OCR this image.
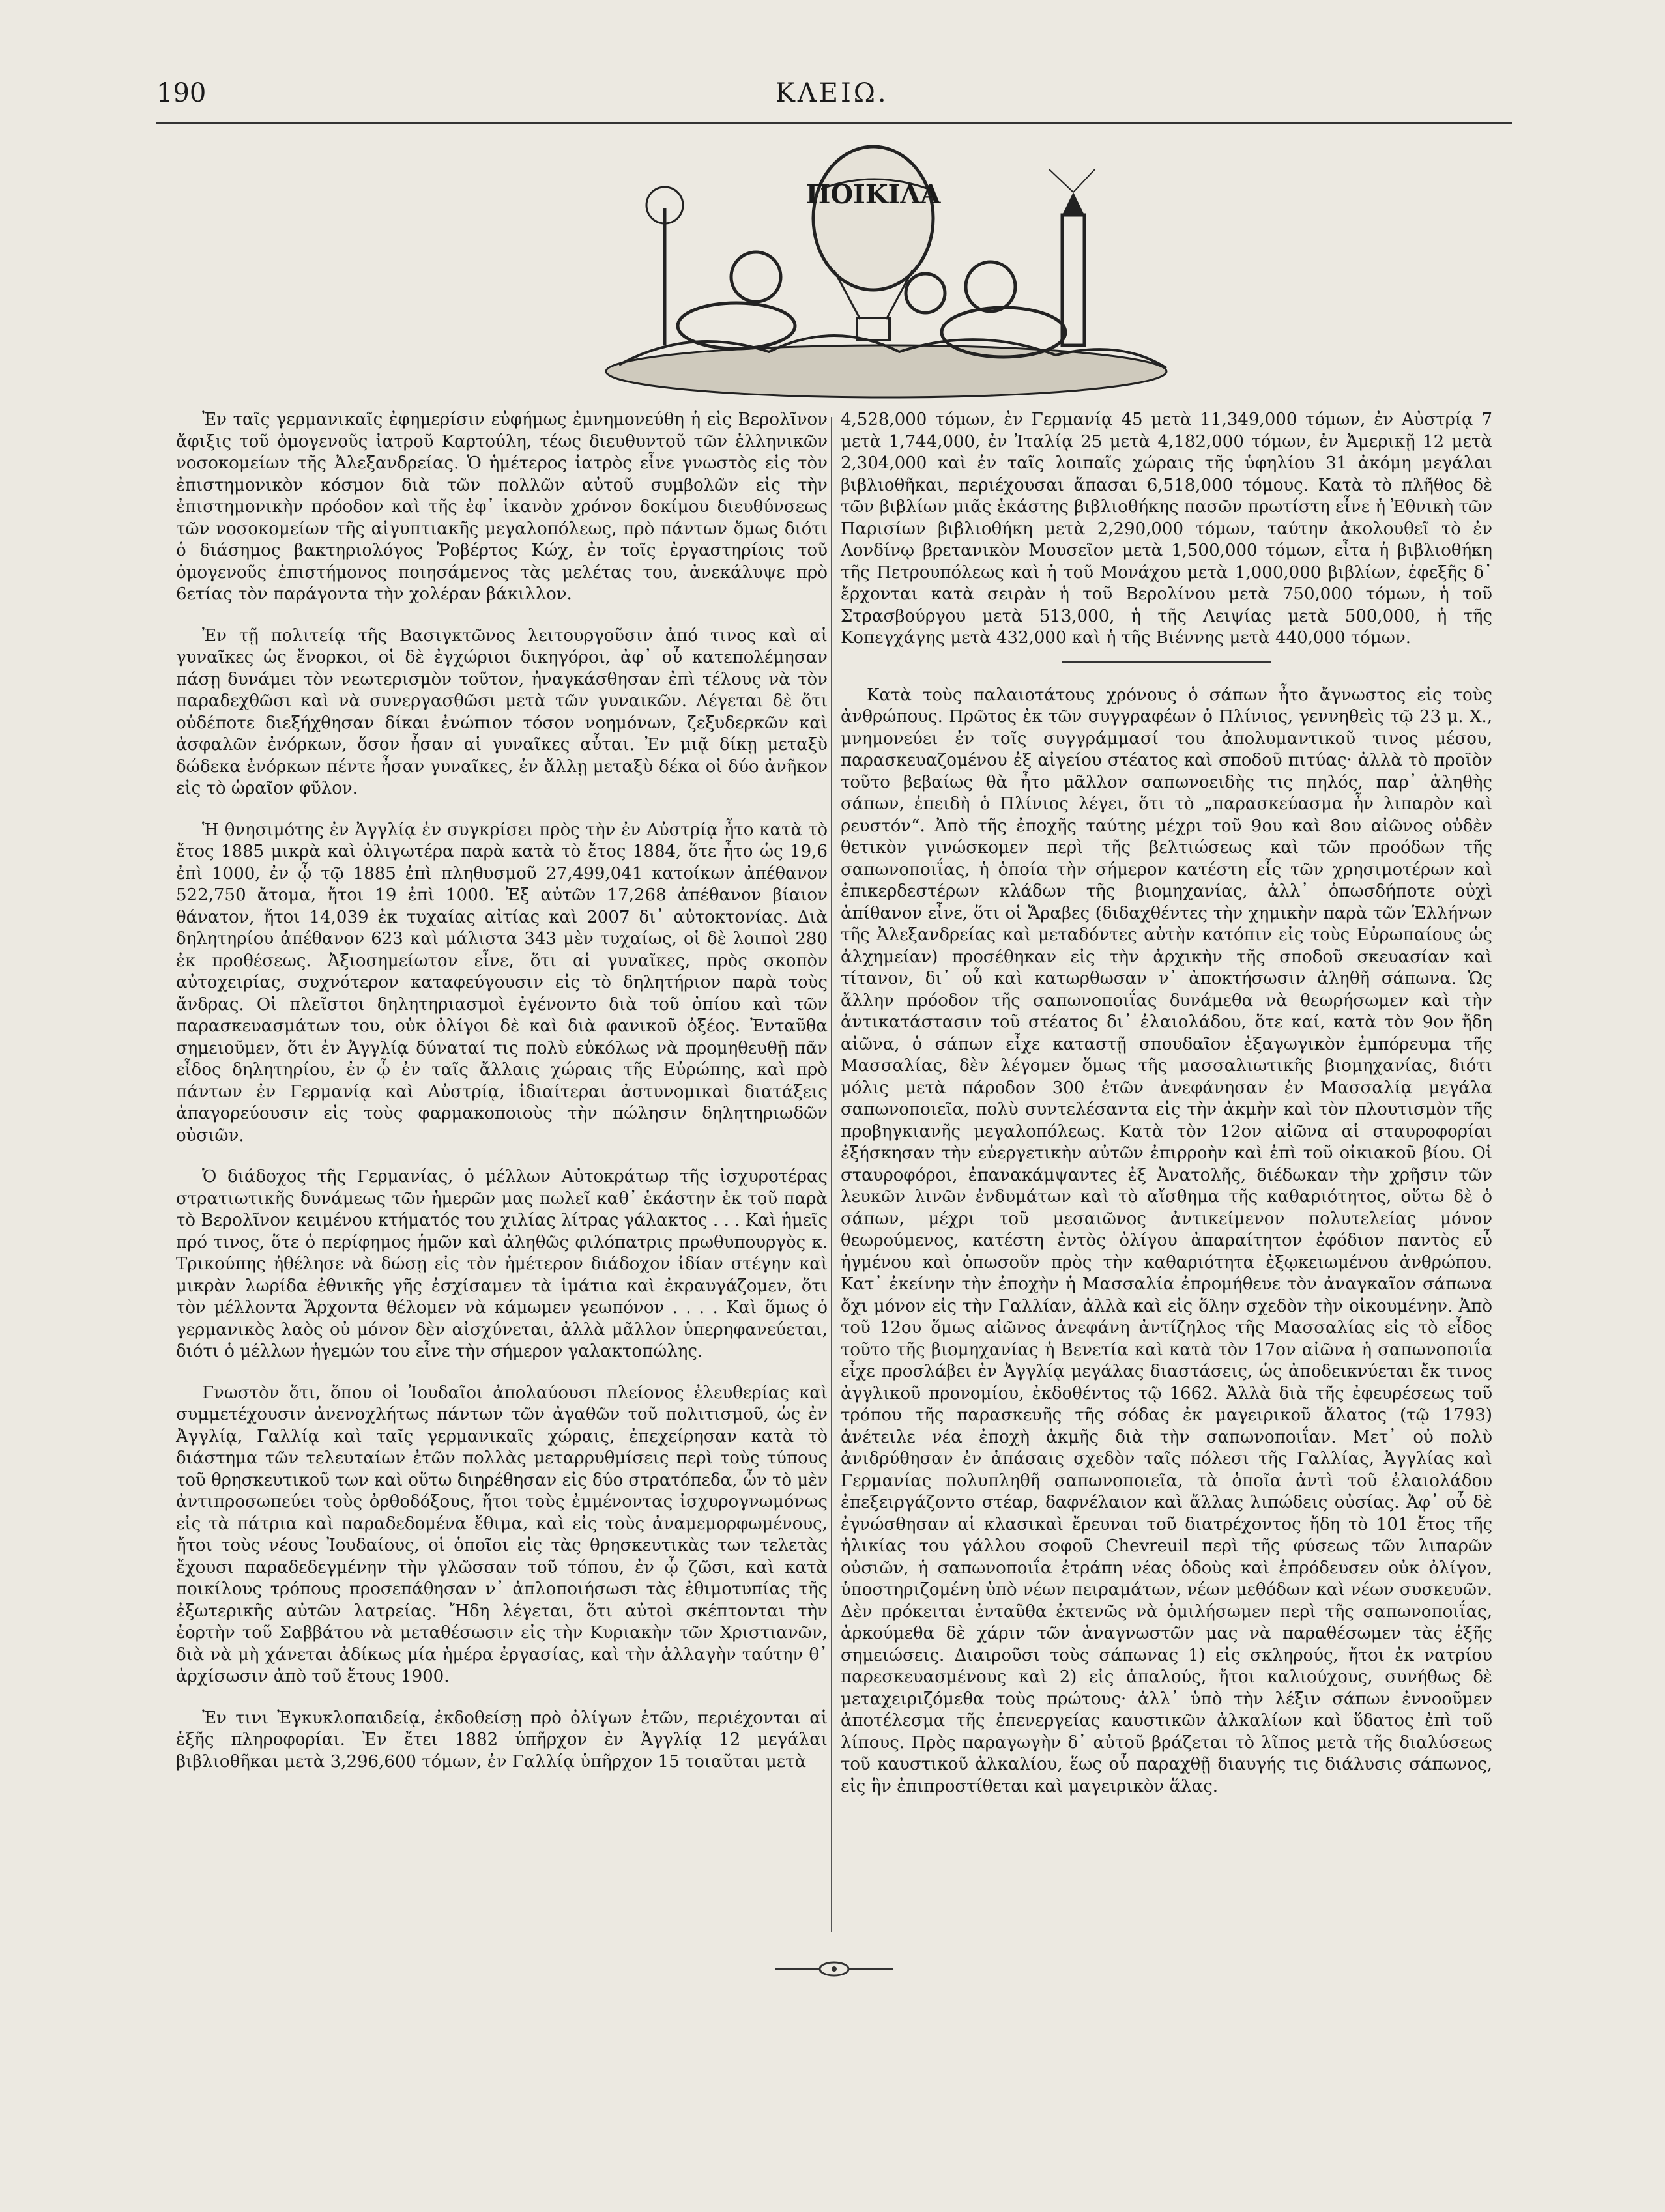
190	ΚΛΕΙΩ.
ΠΟΙΚΙΛΑ

Ἐν ταῖς γερμανικαῖς ἐφημερίσιν εὐφήμως ἐμνημονεύθη ἡ εἰς Βερολῖνον ἄφιξις τοῦ ὁμογενοῦς ἰατροῦ Καρτούλη, τέως διευθυντοῦ τῶν ἑλληνικῶν νοσοκομείων τῆς Ἀλεξανδρείας. Ὁ ἡμέτερος ἰατρὸς εἶνε γνωστὸς εἰς τὸν ἐπιστημονικὸν κόσμον διὰ τῶν πολλῶν αὐτοῦ συμβολῶν εἰς τὴν ἐπιστημονικὴν πρόοδον καὶ τῆς ἐφ᾽ ἱκανὸν χρόνον δοκίμου διευθύνσεως τῶν νοσοκομείων τῆς αἰγυπτιακῆς μεγαλοπόλεως, πρὸ πάντων ὅμως διότι ὁ διάσημος βακτηριολόγος Ῥοβέρτος Κώχ, ἐν τοῖς ἐργαστηρίοις τοῦ ὁμογενοῦς ἐπιστήμονος ποιησάμενος τὰς μελέτας του, ἀνεκάλυψε πρὸ 6ετίας τὸν παράγοντα τὴν χολέραν βάκιλλον.

Ἐν τῇ πολιτείᾳ τῆς Βασιγκτῶνος λειτουργοῦσιν ἀπό τινος καὶ αἱ γυναῖκες ὡς ἔνορκοι, οἱ δὲ ἐγχώριοι δικηγόροι, ἀφ᾽ οὗ κατεπολέμησαν πάσῃ δυνάμει τὸν νεωτερισμὸν τοῦτον, ἠναγκάσθησαν ἐπὶ τέλους νὰ τὸν παραδεχθῶσι καὶ νὰ συνεργασθῶσι μετὰ τῶν γυναικῶν. Λέγεται δὲ ὅτι οὐδέποτε διεξήχθησαν δίκαι ἐνώπιον τόσον νοημόνων, ζεξυδερκῶν καὶ ἀσφαλῶν ἐνόρκων, ὅσον ἦσαν αἱ γυναῖκες αὗται. Ἐν μιᾷ δίκῃ μεταξὺ δώδεκα ἐνόρκων πέντε ἦσαν γυναῖκες, ἐν ἄλλῃ μεταξὺ δέκα οἱ δύο ἀνῆκον εἰς τὸ ὡραῖον φῦλον.

Ἡ θνησιμότης ἐν Ἀγγλίᾳ ἐν συγκρίσει πρὸς τὴν ἐν Αὐστρίᾳ ἦτο κατὰ τὸ ἔτος 1885 μικρὰ καὶ ὀλιγωτέρα παρὰ κατὰ τὸ ἔτος 1884, ὅτε ἦτο ὡς 19,6 ἐπὶ 1000, ἐν ᾧ τῷ 1885 ἐπὶ πληθυσμοῦ 27,499,041 κατοίκων ἀπέθανον 522,750 ἄτομα, ἤτοι 19 ἐπὶ 1000. Ἐξ αὐτῶν 17,268 ἀπέθανον βίαιον θάνατον, ἤτοι 14,039 ἐκ τυχαίας αἰτίας καὶ 2007 δι᾽ αὐτοκτονίας. Διὰ δηλητηρίου ἀπέθανον 623 καὶ μάλιστα 343 μὲν τυχαίως, οἱ δὲ λοιποὶ 280 ἐκ προθέσεως. Ἀξιοσημείωτον εἶνε, ὅτι αἱ γυναῖκες, πρὸς σκοπὸν αὐτοχειρίας, συχνότερον καταφεύγουσιν εἰς τὸ δηλητήριον παρὰ τοὺς ἄνδρας. Οἱ πλεῖστοι δηλητηριασμοὶ ἐγένοντο διὰ τοῦ ὀπίου καὶ τῶν παρασκευασμάτων του, οὐκ ὀλίγοι δὲ καὶ διὰ φανικοῦ ὀξέος. Ἐνταῦθα σημειοῦμεν, ὅτι ἐν Ἀγγλίᾳ δύναταί τις πολὺ εὐκόλως νὰ προμηθευθῇ πᾶν εἶδος δηλητηρίου, ἐν ᾧ ἐν ταῖς ἄλλαις χώραις τῆς Εὐρώπης, καὶ πρὸ πάντων ἐν Γερμανίᾳ καὶ Αὐστρίᾳ, ἰδιαίτεραι ἀστυνομικαὶ διατάξεις ἀπαγορεύουσιν εἰς τοὺς φαρμακοποιοὺς τὴν πώλησιν δηλητηριωδῶν οὐσιῶν.

Ὁ διάδοχος τῆς Γερμανίας, ὁ μέλλων Αὐτοκράτωρ τῆς ἰσχυροτέρας στρατιωτικῆς δυνάμεως τῶν ἡμερῶν μας πωλεῖ καθ᾽ ἑκάστην ἐκ τοῦ παρὰ τὸ Βερολῖνον κειμένου κτήματός του χιλίας λίτρας γάλακτος . . . Καὶ ἡμεῖς πρό τινος, ὅτε ὁ περίφημος ἡμῶν καὶ ἀληθῶς φιλόπατρις πρωθυπουργὸς κ. Τρικούπης ἠθέλησε νὰ δώσῃ εἰς τὸν ἡμέτερον διάδοχον ἰδίαν στέγην καὶ μικρὰν λωρίδα ἐθνικῆς γῆς ἐσχίσαμεν τὰ ἱμάτια καὶ ἐκραυγάζομεν, ὅτι τὸν μέλλοντα Ἄρχοντα θέλομεν νὰ κάμωμεν γεωπόνον . . . . Καὶ ὅμως ὁ γερμανικὸς λαὸς οὐ μόνον δὲν αἰσχύνεται, ἀλλὰ μᾶλλον ὑπερηφανεύεται, διότι ὁ μέλλων ἡγεμών του εἶνε τὴν σήμερον γαλακτοπώλης.

Γνωστὸν ὅτι, ὅπου οἱ Ἰουδαῖοι ἀπολαύουσι πλείονος ἐλευθερίας καὶ συμμετέχουσιν ἀνενοχλήτως πάντων τῶν ἀγαθῶν τοῦ πολιτισμοῦ, ὡς ἐν Ἀγγλίᾳ, Γαλλίᾳ καὶ ταῖς γερμανικαῖς χώραις, ἐπεχείρησαν κατὰ τὸ διάστημα τῶν τελευταίων ἐτῶν πολλὰς μεταρρυθμίσεις περὶ τοὺς τύπους τοῦ θρησκευτικοῦ των καὶ οὕτω διηρέθησαν εἰς δύο στρατόπεδα, ὧν τὸ μὲν ἀντιπροσωπεύει τοὺς ὀρθοδόξους, ἤτοι τοὺς ἐμμένοντας ἰσχυρογνωμόνως εἰς τὰ πάτρια καὶ παραδεδομένα ἔθιμα, καὶ εἰς τοὺς ἀναμεμορφωμένους, ἤτοι τοὺς νέους Ἰουδαίους, οἱ ὁποῖοι εἰς τὰς θρησκευτικὰς των τελετὰς ἔχουσι παραδεδεγμένην τὴν γλῶσσαν τοῦ τόπου, ἐν ᾧ ζῶσι, καὶ κατὰ ποικίλους τρόπους προσεπάθησαν ν᾽ ἁπλοποιήσωσι τὰς ἐθιμοτυπίας τῆς ἐξωτερικῆς αὐτῶν λατρείας. Ἤδη λέγεται, ὅτι αὐτοὶ σκέπτονται τὴν ἑορτὴν τοῦ Σαββάτου νὰ μεταθέσωσιν εἰς τὴν Κυριακὴν τῶν Χριστιανῶν, διὰ νὰ μὴ χάνεται ἀδίκως μία ἡμέρα ἐργασίας, καὶ τὴν ἀλλαγὴν ταύτην θ᾽ ἀρχίσωσιν ἀπὸ τοῦ ἔτους 1900.

Ἐν τινι Ἐγκυκλοπαιδείᾳ, ἐκδοθείσῃ πρὸ ὀλίγων ἐτῶν, περιέχονται αἱ ἑξῆς πληροφορίαι. Ἐν ἔτει 1882 ὑπῆρχον ἐν Ἀγγλίᾳ 12 μεγάλαι βιβλιοθῆκαι μετὰ 3,296,600 τόμων, ἐν Γαλλίᾳ ὑπῆρχον 15 τοιαῦται μετὰ

4,528,000 τόμων, ἐν Γερμανίᾳ 45 μετὰ 11,349,000 τόμων, ἐν Αὐστρίᾳ 7 μετὰ 1,744,000, ἐν Ἰταλίᾳ 25 μετὰ 4,182,000 τόμων, ἐν Ἀμερικῇ 12 μετὰ 2,304,000 καὶ ἐν ταῖς λοιπαῖς χώραις τῆς ὑφηλίου 31 ἀκόμη μεγάλαι βιβλιοθῆκαι, περιέχουσαι ἅπασαι 6,518,000 τόμους. Κατὰ τὸ πλῆθος δὲ τῶν βιβλίων μιᾶς ἑκάστης βιβλιοθήκης πασῶν πρωτίστη εἶνε ἡ Ἐθνικὴ τῶν Παρισίων βιβλιοθήκη μετὰ 2,290,000 τόμων, ταύτην ἀκολουθεῖ τὸ ἐν Λονδίνῳ βρετανικὸν Μουσεῖον μετὰ 1,500,000 τόμων, εἶτα ἡ βιβλιοθήκη τῆς Πετρουπόλεως καὶ ἡ τοῦ Μονάχου μετὰ 1,000,000 βιβλίων, ἐφεξῆς δ᾽ ἔρχονται κατὰ σειρὰν ἡ τοῦ Βερολίνου μετὰ 750,000 τόμων, ἡ τοῦ Στρασβούργου μετὰ 513,000, ἡ τῆς Λειψίας μετὰ 500,000, ἡ τῆς Κοπεγχάγης μετὰ 432,000 καὶ ἡ τῆς Βιέννης μετὰ 440,000 τόμων.

Κατὰ τοὺς παλαιοτάτους χρόνους ὁ σάπων ἦτο ἄγνωστος εἰς τοὺς ἀνθρώπους. Πρῶτος ἐκ τῶν συγγραφέων ὁ Πλίνιος, γεννηθεὶς τῷ 23 μ. Χ., μνημονεύει ἐν τοῖς συγγράμμασί του ἀπολυμαντικοῦ τινος μέσου, παρασκευαζομένου ἐξ αἰγείου στέατος καὶ σποδοῦ πιτύας· ἀλλὰ τὸ προϊὸν τοῦτο βεβαίως θὰ ἦτο μᾶλλον σαπωνοειδὴς τις πηλός, παρ᾽ ἀληθὴς σάπων, ἐπειδὴ ὁ Πλίνιος λέγει, ὅτι τὸ „παρασκεύασμα ἦν λιπαρὸν καὶ ρευστόν“. Ἀπὸ τῆς ἐποχῆς ταύτης μέχρι τοῦ 9ου καὶ 8ου αἰῶνος οὐδὲν θετικὸν γινώσκομεν περὶ τῆς βελτιώσεως καὶ τῶν προόδων τῆς σαπωνοποιΐας, ἡ ὁποία τὴν σήμερον κατέστη εἷς τῶν χρησιμοτέρων καὶ ἐπικερδεστέρων κλάδων τῆς βιομηχανίας, ἀλλ᾽ ὁπωσδήποτε οὐχὶ ἀπίθανον εἶνε, ὅτι οἱ Ἄραβες (διδαχθέντες τὴν χημικὴν παρὰ τῶν Ἑλλήνων τῆς Ἀλεξανδρείας καὶ μεταδόντες αὐτὴν κατόπιν εἰς τοὺς Εὐρωπαίους ὡς ἀλχημείαν) προσέθηκαν εἰς τὴν ἀρχικὴν τῆς σποδοῦ σκευασίαν καὶ τίτανον, δι᾽ οὗ καὶ κατωρθωσαν ν᾽ ἀποκτήσωσιν ἀληθῆ σάπωνα. Ὡς ἄλλην πρόοδον τῆς σαπωνοποιΐας δυνάμεθα νὰ θεωρήσωμεν καὶ τὴν ἀντικατάστασιν τοῦ στέατος δι᾽ ἐλαιολάδου, ὅτε καί, κατὰ τὸν 9ον ἤδη αἰῶνα, ὁ σάπων εἶχε καταστῇ σπουδαῖον ἐξαγωγικὸν ἐμπόρευμα τῆς Μασσαλίας, δὲν λέγομεν ὅμως τῆς μασσαλιωτικῆς βιομηχανίας, διότι μόλις μετὰ πάροδον 300 ἐτῶν ἀνεφάνησαν ἐν Μασσαλίᾳ μεγάλα σαπωνοποιεῖα, πολὺ συντελέσαντα εἰς τὴν ἀκμὴν καὶ τὸν πλουτισμὸν τῆς προβηγκιανῆς μεγαλοπόλεως. Κατὰ τὸν 12ον αἰῶνα αἱ σταυροφορίαι ἐξήσκησαν τὴν εὐεργετικὴν αὐτῶν ἐπιρροὴν καὶ ἐπὶ τοῦ οἰκιακοῦ βίου. Οἱ σταυροφόροι, ἐπανακάμψαντες ἐξ Ἀνατολῆς, διέδωκαν τὴν χρῆσιν τῶν λευκῶν λινῶν ἐνδυμάτων καὶ τὸ αἴσθημα τῆς καθαριότητος, οὕτω δὲ ὁ σάπων, μέχρι τοῦ μεσαιῶνος ἀντικείμενον πολυτελείας μόνον θεωρούμενος, κατέστη ἐντὸς ὀλίγου ἀπαραίτητον ἐφόδιον παντὸς εὖ ἠγμένου καὶ ὁπωσοῦν πρὸς τὴν καθαριότητα ἐξῳκειωμένου ἀνθρώπου. Κατ᾽ ἐκείνην τὴν ἐποχὴν ἡ Μασσαλία ἐπρομήθευε τὸν ἀναγκαῖον σάπωνα ὄχι μόνον εἰς τὴν Γαλλίαν, ἀλλὰ καὶ εἰς ὅλην σχεδὸν τὴν οἰκουμένην. Ἀπὸ τοῦ 12ου ὅμως αἰῶνος ἀνεφάνη ἀντίζηλος τῆς Μασσαλίας εἰς τὸ εἶδος τοῦτο τῆς βιομηχανίας ἡ Βενετία καὶ κατὰ τὸν 17ον αἰῶνα ἡ σαπωνοποιΐα εἶχε προσλάβει ἐν Ἀγγλίᾳ μεγάλας διαστάσεις, ὡς ἀποδεικνύεται ἔκ τινος ἀγγλικοῦ προνομίου, ἐκδοθέντος τῷ 1662. Ἀλλὰ διὰ τῆς ἐφευρέσεως τοῦ τρόπου τῆς παρασκευῆς τῆς σόδας ἐκ μαγειρικοῦ ἅλατος (τῷ 1793) ἀνέτειλε νέα ἐποχὴ ἀκμῆς διὰ τὴν σαπωνοποιΐαν. Μετ᾽ οὐ πολὺ ἀνιδρύθησαν ἐν ἁπάσαις σχεδὸν ταῖς πόλεσι τῆς Γαλλίας, Ἀγγλίας καὶ Γερμανίας πολυπληθῆ σαπωνοποιεῖα, τὰ ὁποῖα ἀντὶ τοῦ ἐλαιολάδου ἐπεξειργάζοντο στέαρ, δαφνέλαιον καὶ ἄλλας λιπώδεις οὐσίας. Ἀφ᾽ οὗ δὲ ἐγνώσθησαν αἱ κλασικαὶ ἔρευναι τοῦ διατρέχοντος ἤδη τὸ 101 ἔτος τῆς ἡλικίας του γάλλου σοφοῦ Chevreuil περὶ τῆς φύσεως τῶν λιπαρῶν οὐσιῶν, ἡ σαπωνοποιΐα ἐτράπη νέας ὁδοὺς καὶ ἐπρόδευσεν οὐκ ὀλίγον, ὑποστηριζομένη ὑπὸ νέων πειραμάτων, νέων μεθόδων καὶ νέων συσκευῶν. Δὲν πρόκειται ἐνταῦθα ἐκτενῶς νὰ ὁμιλήσωμεν περὶ τῆς σαπωνοποιΐας, ἀρκούμεθα δὲ χάριν τῶν ἀναγνωστῶν μας νὰ παραθέσωμεν τὰς ἑξῆς σημειώσεις. Διαιροῦσι τοὺς σάπωνας 1) εἰς σκληρούς, ἤτοι ἐκ νατρίου παρεσκευασμένους καὶ 2) εἰς ἁπαλούς, ἤτοι καλιούχους, συνήθως δὲ μεταχειριζόμεθα τοὺς πρώτους· ἀλλ᾽ ὑπὸ τὴν λέξιν σάπων ἐννοοῦμεν ἀποτέλεσμα τῆς ἐπενεργείας καυστικῶν ἀλκαλίων καὶ ὕδατος ἐπὶ τοῦ λίπους. Πρὸς παραγωγὴν δ᾽ αὐτοῦ βράζεται τὸ λῖπος μετὰ τῆς διαλύσεως τοῦ καυστικοῦ ἀλκαλίου, ἕως οὗ παραχθῇ διαυγής τις διάλυσις σάπωνος, εἰς ἣν ἐπιπροστίθεται καὶ μαγειρικὸν ἅλας.
